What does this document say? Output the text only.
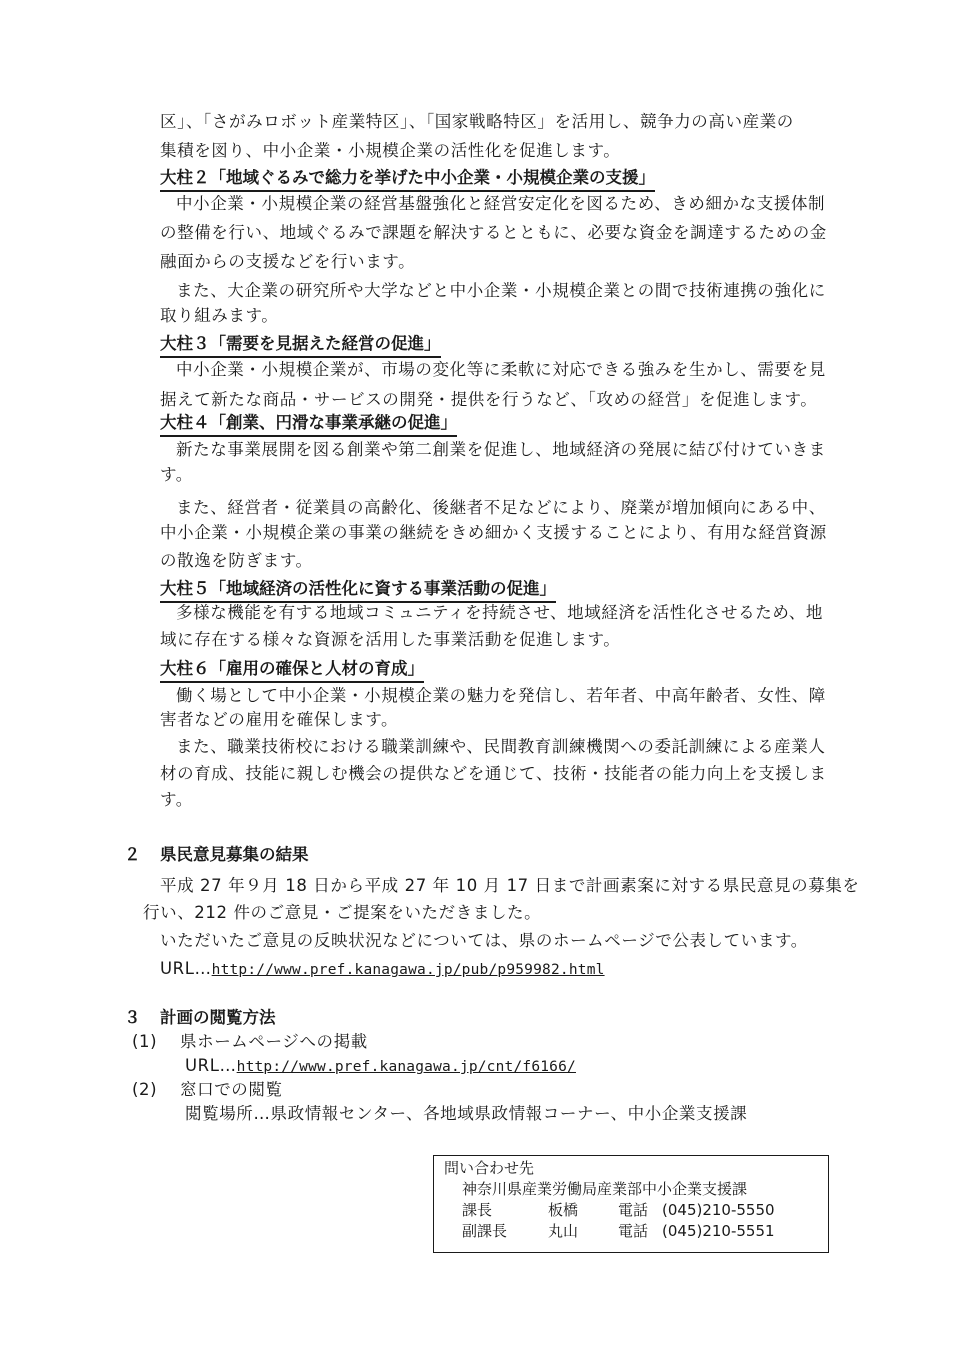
区」、「さがみロボット産業特区」、「国家戦略特区」を活用し、競争力の高い産業の
集積を図り、中小企業・小規模企業の活性化を促進します。
大柱２「地域ぐるみで総力を挙げた中小企業・小規模企業の支援」
中小企業・小規模企業の経営基盤強化と経営安定化を図るため、きめ細かな支援体制
の整備を行い、地域ぐるみで課題を解決するとともに、必要な資金を調達するための金
融面からの支援などを行います。
また、大企業の研究所や大学などと中小企業・小規模企業との間で技術連携の強化に
取り組みます。
大柱３「需要を見据えた経営の促進」
中小企業・小規模企業が、市場の変化等に柔軟に対応できる強みを生かし、需要を見
据えて新たな商品・サービスの開発・提供を行うなど、「攻めの経営」を促進します。
大柱４「創業、円滑な事業承継の促進」
新たな事業展開を図る創業や第二創業を促進し、地域経済の発展に結び付けていきま
す。
また、経営者・従業員の高齢化、後継者不足などにより、廃業が増加傾向にある中、
中小企業・小規模企業の事業の継続をきめ細かく支援することにより、有用な経営資源
の散逸を防ぎます。
大柱５「地域経済の活性化に資する事業活動の促進」
多様な機能を有する地域コミュニティを持続させ、地域経済を活性化させるため、地
域に存在する様々な資源を活用した事業活動を促進します。
大柱６「雇用の確保と人材の育成」
働く場として中小企業・小規模企業の魅力を発信し、若年者、中高年齢者、女性、障
害者などの雇用を確保します。
また、職業技術校における職業訓練や、民間教育訓練機関への委託訓練による産業人
材の育成、技能に親しむ機会の提供などを通じて、技術・技能者の能力向上を支援しま
す。
２ 県民意見募集の結果
平成 27 年９月 18 日から平成 27 年 10 月 17 日まで計画素案に対する県民意見の募集を
行い、212 件のご意見・ご提案をいただきました。
いただいたご意見の反映状況などについては、県のホームページで公表しています。
URL…http://www.pref.kanagawa.jp/pub/p959982.html
３ 計画の閲覧方法
(1) 県ホームページへの掲載
URL…http://www.pref.kanagawa.jp/cnt/f6166/
(2) 窓口での閲覧
閲覧場所…県政情報センター、各地域県政情報コーナー、中小企業支援課
問い合わせ先
神奈川県産業労働局産業部中小企業支援課
課長	板橋	電話 (045)210-5550
副課長	丸山	電話 (045)210-5551
